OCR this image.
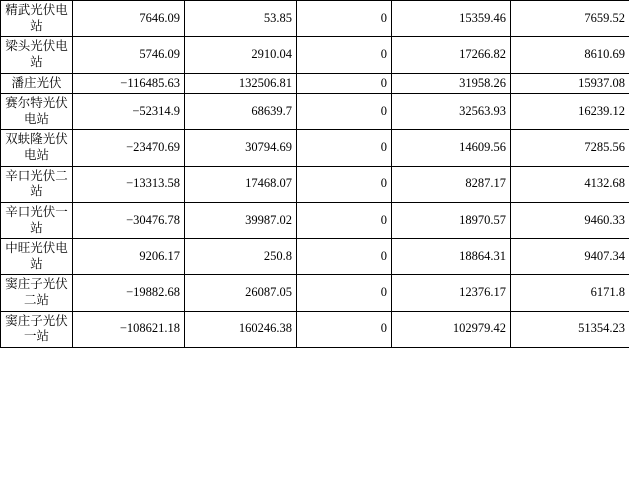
精武光伏电站	7646.09	53.85	0	15359.46	7659.52
梁头光伏电站	5746.09	2910.04	0	17266.82	8610.69
潘庄光伏	−116485.63	132506.81	0	31958.26	15937.08
赛尔特光伏电站	−52314.9	68639.7	0	32563.93	16239.12
双蚨隆光伏电站	−23470.69	30794.69	0	14609.56	7285.56
辛口光伏二站	−13313.58	17468.07	0	8287.17	4132.68
辛口光伏一站	−30476.78	39987.02	0	18970.57	9460.33
中旺光伏电站	9206.17	250.8	0	18864.31	9407.34
窦庄子光伏二站	−19882.68	26087.05	0	12376.17	6171.8
窦庄子光伏一站	−108621.18	160246.38	0	102979.42	51354.23
